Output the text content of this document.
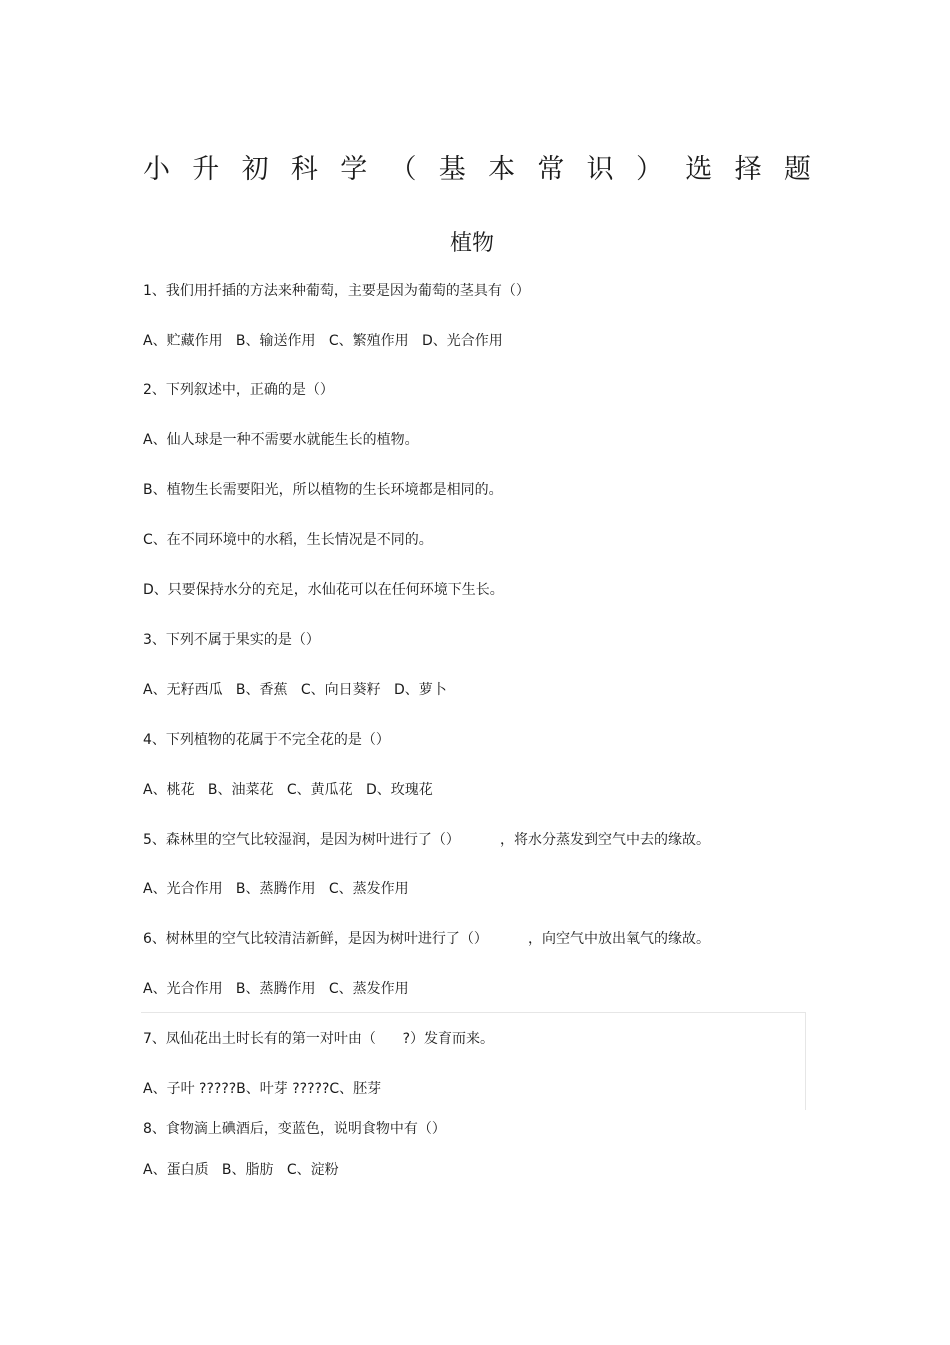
小 升 初 科 学 （ 基 本 常 识 ） 选 择 题
植物
1、我们用扦插的方法来种葡萄，主要是因为葡萄的茎具有（）
A、贮藏作用   B、输送作用   C、繁殖作用   D、光合作用
2、下列叙述中，正确的是（）
A、仙人球是一种不需要水就能生长的植物。
B、植物生长需要阳光，所以植物的生长环境都是相同的。
C、在不同环境中的水稻，生长情况是不同的。
D、只要保持水分的充足，水仙花可以在任何环境下生长。
3、下列不属于果实的是（）
A、无籽西瓜   B、香蕉   C、向日葵籽   D、萝卜
4、下列植物的花属于不完全花的是（）
A、桃花   B、油菜花   C、黄瓜花   D、玫瑰花
5、森林里的空气比较湿润，是因为树叶进行了（）         ，将水分蒸发到空气中去的缘故。
A、光合作用   B、蒸腾作用   C、蒸发作用
6、树林里的空气比较清洁新鲜，是因为树叶进行了（）         ，向空气中放出氧气的缘故。
A、光合作用   B、蒸腾作用   C、蒸发作用
7、凤仙花出土时长有的第一对叶由（      ?）发育而来。
A、子叶 ?????B、叶芽 ?????C、胚芽
8、食物滴上碘酒后，变蓝色，说明食物中有（）
A、蛋白质   B、脂肪   C、淀粉
